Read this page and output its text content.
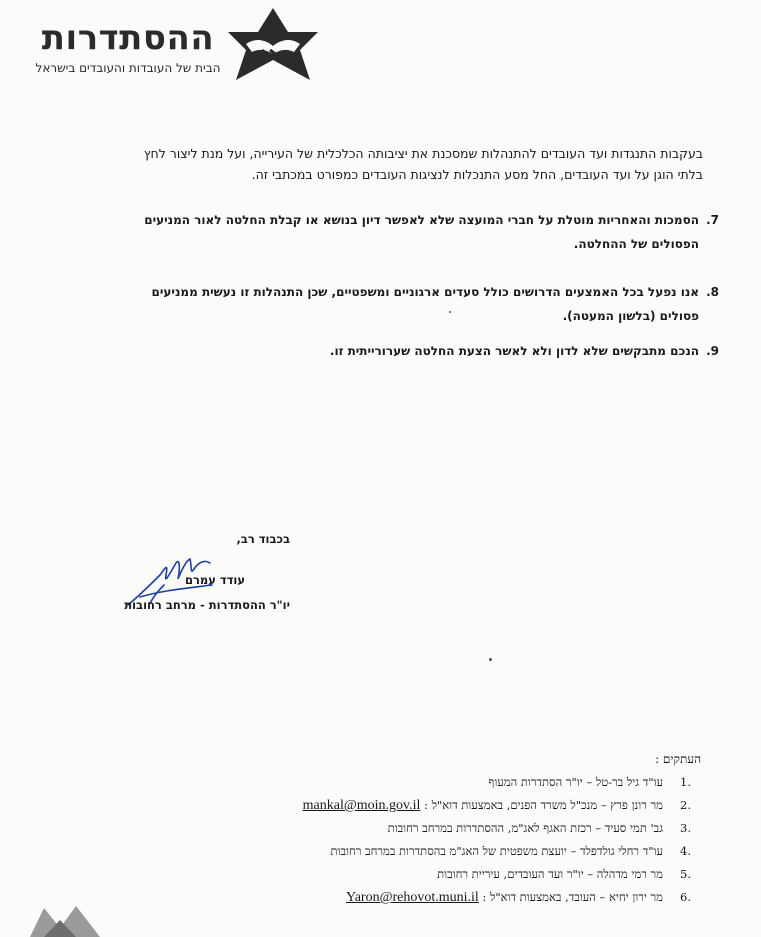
ההסתדרות
הבית של העובדות והעובדים בישראל
בעקבות התנגדות ועד העובדים להתנהלות שמסכנת את יציבותה הכלכלית של העירייה, ועל מנת ליצור לחץ
בלתי הוגן על ועד העובדים, החל מסע התנכלות לנציגות העובדים כמפורט במכתבי זה.
7.
הסמכות והאחריות מוטלת על חברי המועצה שלא לאפשר דיון בנושא או קבלת החלטה לאור המניעים
הפסולים של ההחלטה.
8.
אנו נפעל בכל האמצעים הדרושים כולל סעדים ארגוניים ומשפטיים, שכן התנהלות זו נעשית ממניעים
פסולים (בלשון המעטה).
9.
הנכם מתבקשים שלא לדון ולא לאשר הצעת החלטה שערורייתית זו.
בכבוד רב,
עודד עמרם
יו"ר ההסתדרות - מרחב רחובות
העתקים :
1.
עו"ד גיל בר-טל – יו"ר הסתדרות המעוף
2.
מר רונן פרץ – מנכ"ל משרד הפנים, באמצעות דוא"ל : mankal@moin.gov.il
3.
גב' תמי סעיד – רכזת האגף לאג"מ, ההסתדרות במרחב רחובות
4.
עו"ד רחלי גולדפלד – יועצת משפטית של האג"מ בהסתדרות במרחב רחובות
5.
מר רמי מדהלה – יו"ר ועד העובדים, עיריית רחובות
6.
מר ירון יחיא – העובד, באמצעות דוא"ל : Yaron@rehovot.muni.il
